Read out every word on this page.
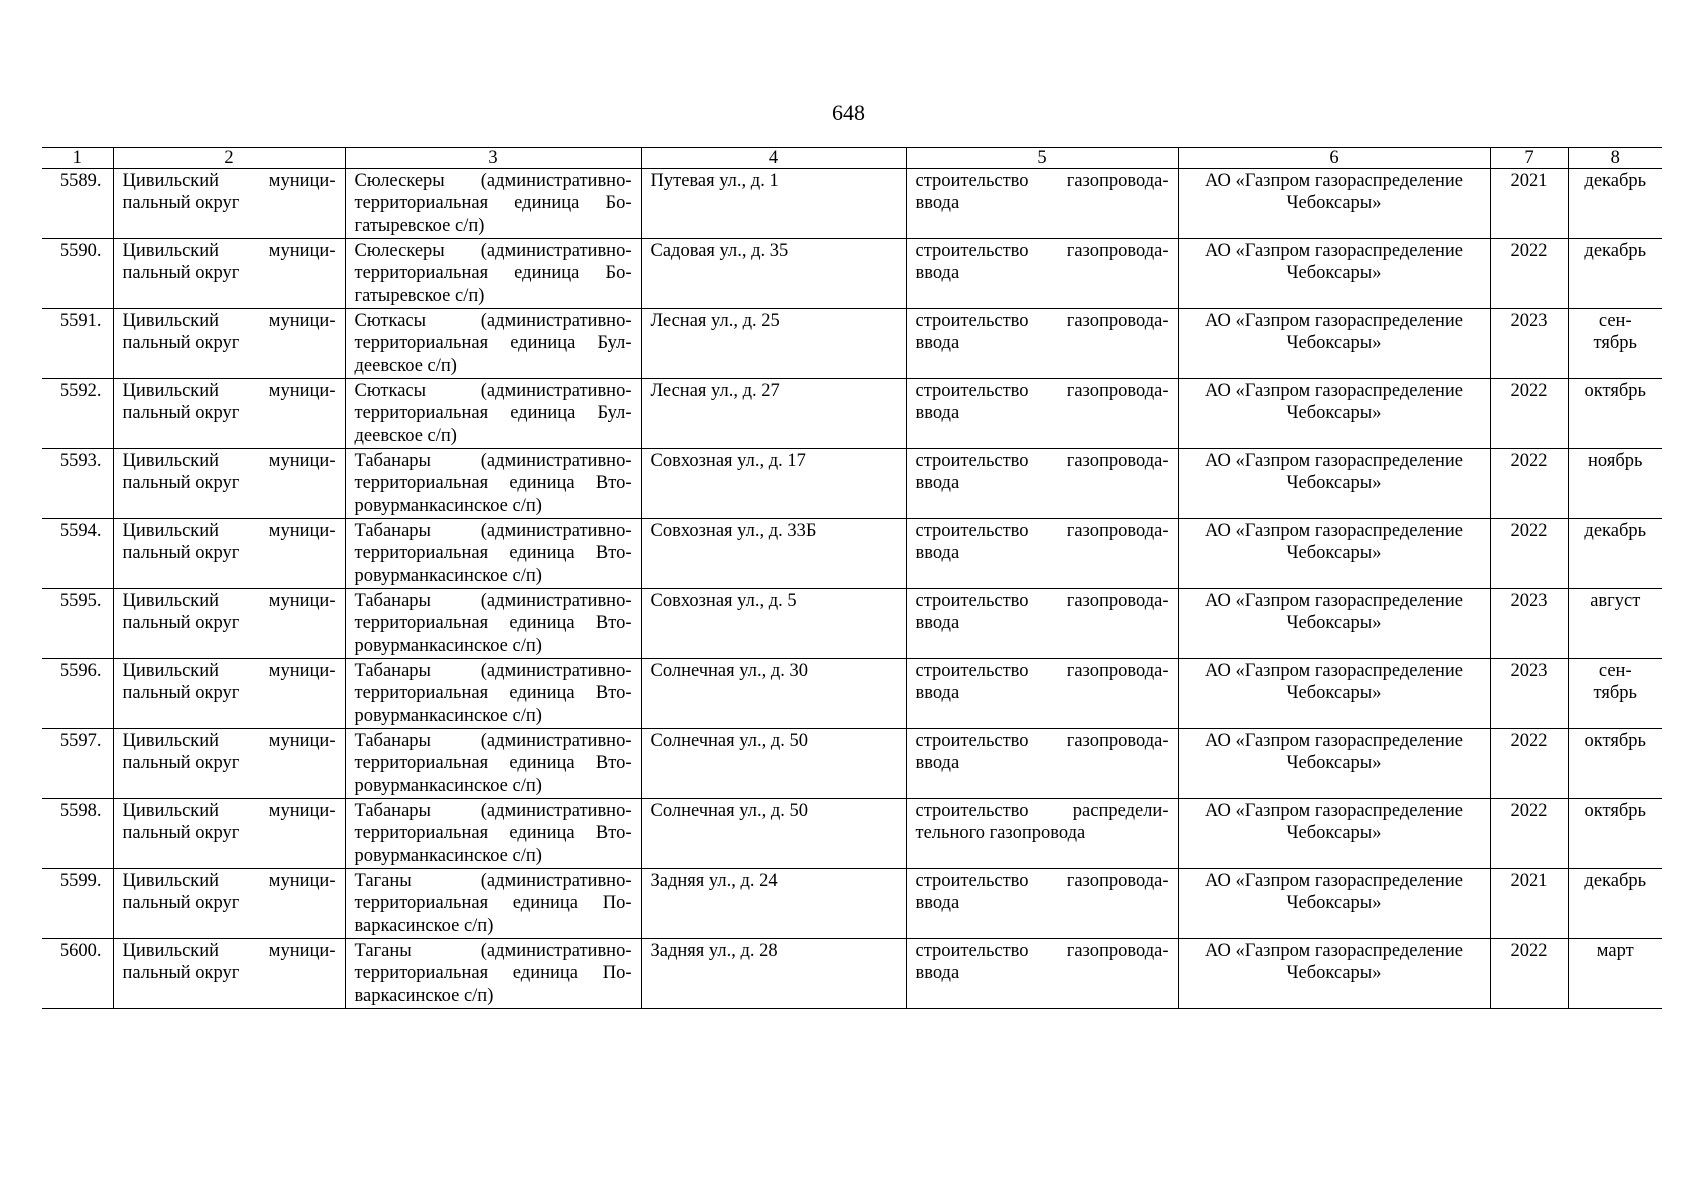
648
1	2	3	4	5	6	7	8
5589.	Цивильский муници-пальный округ	Сюлескеры (административно-территориальная единица Бо-гатыревское с/п)	Путевая ул., д. 1	строительство газопровода-ввода	АО «Газпром газораспределение Чебоксары»	2021	декабрь
5590.	Цивильский муници-пальный округ	Сюлескеры (административно-территориальная единица Бо-гатыревское с/п)	Садовая ул., д. 35	строительство газопровода-ввода	АО «Газпром газораспределение Чебоксары»	2022	декабрь
5591.	Цивильский муници-пальный округ	Сюткасы (административно-территориальная единица Бул-деевское с/п)	Лесная ул., д. 25	строительство газопровода-ввода	АО «Газпром газораспределение Чебоксары»	2023	сен-тябрь
5592.	Цивильский муници-пальный округ	Сюткасы (административно-территориальная единица Бул-деевское с/п)	Лесная ул., д. 27	строительство газопровода-ввода	АО «Газпром газораспределение Чебоксары»	2022	октябрь
5593.	Цивильский муници-пальный округ	Табанары (административно-территориальная единица Вто-ровурманкасинское с/п)	Совхозная ул., д. 17	строительство газопровода-ввода	АО «Газпром газораспределение Чебоксары»	2022	ноябрь
5594.	Цивильский муници-пальный округ	Табанары (административно-территориальная единица Вто-ровурманкасинское с/п)	Совхозная ул., д. 33Б	строительство газопровода-ввода	АО «Газпром газораспределение Чебоксары»	2022	декабрь
5595.	Цивильский муници-пальный округ	Табанары (административно-территориальная единица Вто-ровурманкасинское с/п)	Совхозная ул., д. 5	строительство газопровода-ввода	АО «Газпром газораспределение Чебоксары»	2023	август
5596.	Цивильский муници-пальный округ	Табанары (административно-территориальная единица Вто-ровурманкасинское с/п)	Солнечная ул., д. 30	строительство газопровода-ввода	АО «Газпром газораспределение Чебоксары»	2023	сен-тябрь
5597.	Цивильский муници-пальный округ	Табанары (административно-территориальная единица Вто-ровурманкасинское с/п)	Солнечная ул., д. 50	строительство газопровода-ввода	АО «Газпром газораспределение Чебоксары»	2022	октябрь
5598.	Цивильский муници-пальный округ	Табанары (административно-территориальная единица Вто-ровурманкасинское с/п)	Солнечная ул., д. 50	строительство распредели-тельного газопровода	АО «Газпром газораспределение Чебоксары»	2022	октябрь
5599.	Цивильский муници-пальный округ	Таганы (административно-территориальная единица По-варкасинское с/п)	Задняя ул., д. 24	строительство газопровода-ввода	АО «Газпром газораспределение Чебоксары»	2021	декабрь
5600.	Цивильский муници-пальный округ	Таганы (административно-территориальная единица По-варкасинское с/п)	Задняя ул., д. 28	строительство газопровода-ввода	АО «Газпром газораспределение Чебоксары»	2022	март
